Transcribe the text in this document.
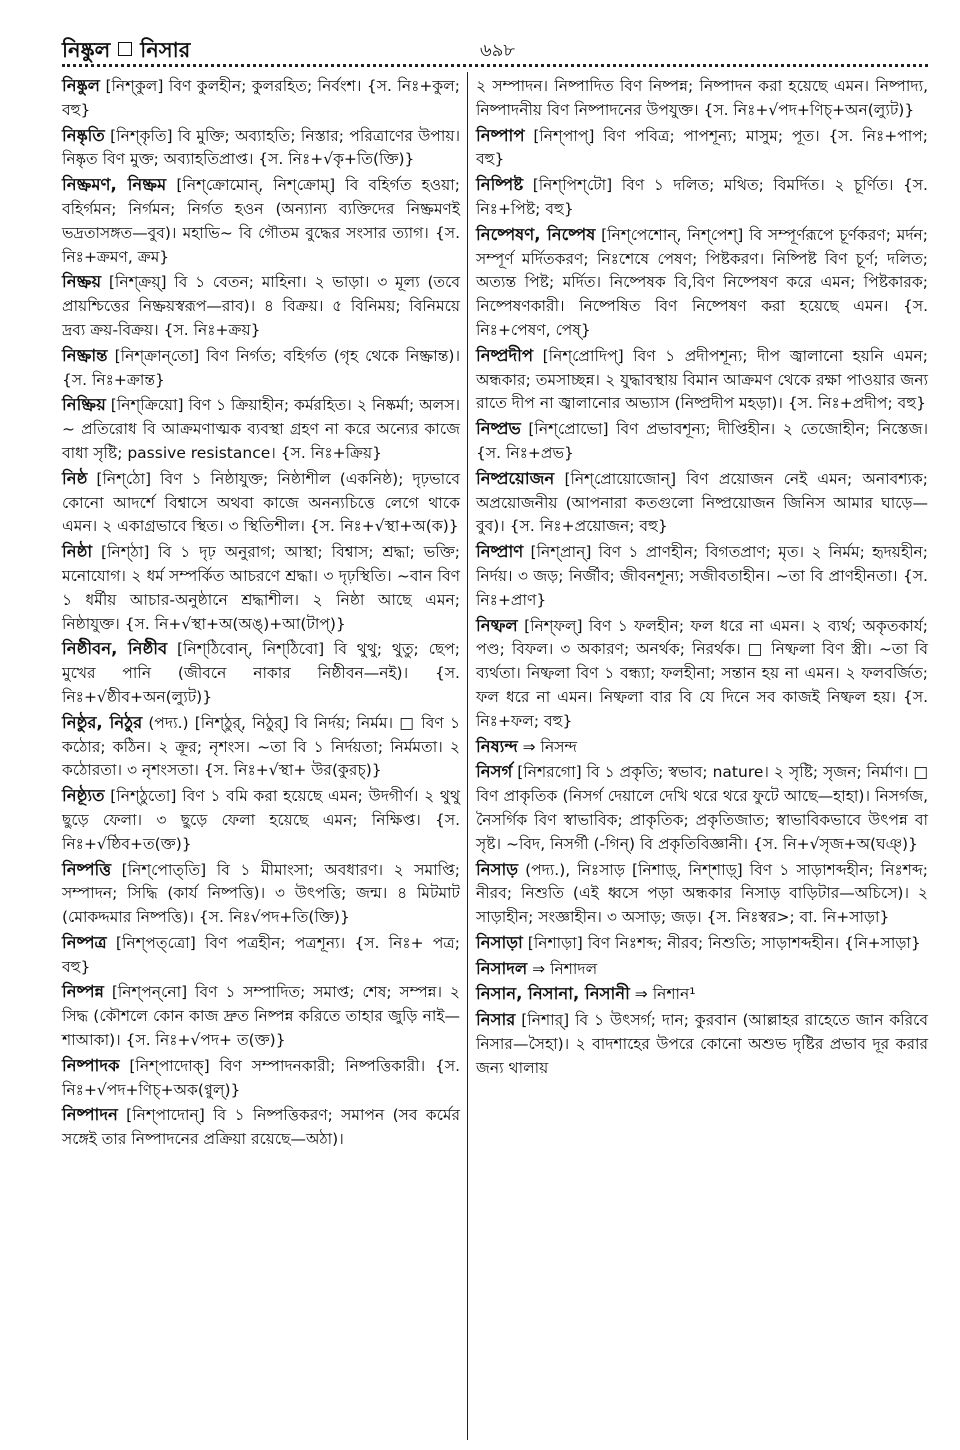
নিষ্কুল নিসার	৬৯৮
নিষ্কুল [নিশ্‌কুল] বিণ কুলহীন; কুলরহিত; নির্বংশ। {স. নিঃ+কুল; বহু}
নিষ্কৃতি [নিশ্‌কৃতি] বি মুক্তি; অব্যাহতি; নিস্তার; পরিত্রাণের উপায়। নিষ্কৃত বিণ মুক্ত; অব্যাহতিপ্রাপ্ত। {স. নিঃ+√কৃ+তি(ক্তি)}
নিষ্ক্রমণ, নিষ্ক্রম [নিশ্‌ক্রোমোন্, নিশ্‌ক্রোম্] বি বহির্গত হওয়া; বহির্গমন; নির্গমন; নির্গত হওন (অন্যান্য ব্যক্তিদের নিষ্ক্রমণই ভদ্রতাসঙ্গত—বুব)। মহাভি~ বি গৌতম বুদ্ধের সংসার ত্যাগ। {স. নিঃ+ক্রমণ, ক্রম}
নিষ্ক্রয় [নিশ্‌ক্রয়্] বি ১ বেতন; মাহিনা। ২ ভাড়া। ৩ মূল্য (তবে প্রায়শ্চিত্তের নিষ্ক্রয়স্বরূপ—রাব)। ৪ বিক্রয়। ৫ বিনিময়; বিনিময়ে দ্রব্য ক্রয়-বিক্রয়। {স. নিঃ+ক্রয়}
নিষ্ক্রান্ত [নিশ্‌ক্রান্‌তো] বিণ নির্গত; বহির্গত (গৃহ থেকে নিষ্ক্রান্ত)। {স. নিঃ+ক্রান্ত}
নিষ্ক্রিয় [নিশ্‌ক্রিয়ো] বিণ ১ ক্রিয়াহীন; কর্মরহিত। ২ নিষ্কর্মা; অলস। ~ প্রতিরোধ বি আক্রমণাত্মক ব্যবস্থা গ্রহণ না করে অন্যের কাজে বাধা সৃষ্টি; passive resistance। {স. নিঃ+ক্রিয়}
নিষ্ঠ [নিশ্‌ঠো] বিণ ১ নিষ্ঠাযুক্ত; নিষ্ঠাশীল (একনিষ্ঠ); দৃঢ়ভাবে কোনো আদর্শে বিশ্বাসে অথবা কাজে অনন্যচিত্তে লেগে থাকে এমন। ২ একাগ্রভাবে স্থিত। ৩ স্থিতিশীল। {স. নিঃ+√স্থা+অ(ক)}
নিষ্ঠা [নিশ্‌ঠা] বি ১ দৃঢ় অনুরাগ; আস্থা; বিশ্বাস; শ্রদ্ধা; ভক্তি; মনোযোগ। ২ ধর্ম সম্পর্কিত আচরণে শ্রদ্ধা। ৩ দৃঢ়স্থিতি। ~বান বিণ ১ ধর্মীয় আচার-অনুষ্ঠানে শ্রদ্ধাশীল। ২ নিষ্ঠা আছে এমন; নিষ্ঠাযুক্ত। {স. নি+√স্থা+অ(অঙ্)+আ(টাপ্)}
নিষ্ঠীবন, নিষ্ঠীব [নিশ্‌ঠিবোন্, নিশ্‌ঠিবো] বি থুথু; থুতু; ছেপ; মুখের পানি (জীবনে নাকার নিষ্ঠীবন—নই)। {স. নিঃ+√ষ্ঠীব+অন(ল্যুট)}
নিষ্ঠুর, নিঠুর (পদ্য.) [নিশ্‌ঠুর্, নিঠুর্] বি নির্দয়; নির্মম। □ বিণ ১ কঠোর; কঠিন। ২ ক্রূর; নৃশংস। ~তা বি ১ নির্দয়তা; নির্মমতা। ২ কঠোরতা। ৩ নৃশংসতা। {স. নিঃ+√স্থা+ উর(কুরচ্)}
নিষ্ঠ্যূত [নিশ্‌ঠুতো] বিণ ১ বমি করা হয়েছে এমন; উদগীর্ণ। ২ থুথু ছুড়ে ফেলা। ৩ ছুড়ে ফেলা হয়েছে এমন; নিক্ষিপ্ত। {স. নিঃ+√ষ্ঠিব+ত(ক্ত)}
নিষ্পত্তি [নিশ্‌পোত্‌তি] বি ১ মীমাংসা; অবধারণ। ২ সমাপ্তি; সম্পাদন; সিদ্ধি (কার্য নিষ্পত্তি)। ৩ উৎপত্তি; জন্ম। ৪ মিটমাট (মোকদ্দমার নিষ্পত্তি)। {স. নিঃ√পদ+তি(ক্তি)}
নিষ্পত্র [নিশ্‌পত্‌ত্রো] বিণ পত্রহীন; পত্রশূন্য। {স. নিঃ+ পত্র; বহু}
নিষ্পন্ন [নিশ্‌পন্‌নো] বিণ ১ সম্পাদিত; সমাপ্ত; শেষ; সম্পন্ন। ২ সিদ্ধ (কৌশলে কোন কাজ দ্রুত নিষ্পন্ন করিতে তাহার জুড়ি নাই—শাআকা)। {স. নিঃ+√পদ+ ত(ক্ত)}
নিষ্পাদক [নিশ্‌পাদোক্] বিণ সম্পাদনকারী; নিষ্পত্তিকারী। {স. নিঃ+√পদ+ণিচ্+অক(ণ্বুল্)}
নিষ্পাদন [নিশ্‌পাদোন্] বি ১ নিষ্পত্তিকরণ; সমাপন (সব কর্মের সঙ্গেই তার নিষ্পাদনের প্রক্রিয়া রয়েছে—অঠা)।
২ সম্পাদন। নিষ্পাদিত বিণ নিষ্পন্ন; নিষ্পাদন করা হয়েছে এমন। নিষ্পাদ্য, নিষ্পাদনীয় বিণ নিষ্পাদনের উপযুক্ত। {স. নিঃ+√পদ+ণিচ্+অন(ল্যুট)}
নিষ্পাপ [নিশ্‌পাপ্] বিণ পবিত্র; পাপশূন্য; মাসুম; পূত। {স. নিঃ+পাপ; বহু}
নিষ্পিষ্ট [নিশ্‌পিশ্‌টো] বিণ ১ দলিত; মথিত; বিমর্দিত। ২ চূর্ণিত। {স. নিঃ+পিষ্ট; বহু}
নিষ্পেষণ, নিষ্পেষ [নিশ্‌পেশোন্, নিশ্‌পেশ্] বি সম্পূর্ণরূপে চূর্ণকরণ; মর্দন; সম্পূর্ণ মর্দিতকরণ; নিঃশেষে পেষণ; পিষ্টকরণ। নিষ্পিষ্ট বিণ চূর্ণ; দলিত; অত্যন্ত পিষ্ট; মর্দিত। নিষ্পেষক বি,বিণ নিষ্পেষণ করে এমন; পিষ্টকারক; নিষ্পেষণকারী। নিষ্পেষিত বিণ নিষ্পেষণ করা হয়েছে এমন। {স. নিঃ+পেষণ, পেষ্}
নিষ্প্রদীপ [নিশ্‌প্রোদিপ্] বিণ ১ প্রদীপশূন্য; দীপ জ্বালানো হয়নি এমন; অন্ধকার; তমসাচ্ছন্ন। ২ যুদ্ধাবস্থায় বিমান আক্রমণ থেকে রক্ষা পাওয়ার জন্য রাতে দীপ না জ্বালানোর অভ্যাস (নিষ্প্রদীপ মহড়া)। {স. নিঃ+প্রদীপ; বহু}
নিষ্প্রভ [নিশ্‌প্রোভো] বিণ প্রভাবশূন্য; দীপ্তিহীন। ২ তেজোহীন; নিস্তেজ। {স. নিঃ+প্রভ}
নিষ্প্রয়োজন [নিশ্‌প্রোয়োজোন্] বিণ প্রয়োজন নেই এমন; অনাবশ্যক; অপ্রয়োজনীয় (আপনারা কতগুলো নিষ্প্রয়োজন জিনিস আমার ঘাড়ে—বুব)। {স. নিঃ+প্রয়োজন; বহু}
নিষ্প্রাণ [নিশ্‌প্রান্] বিণ ১ প্রাণহীন; বিগতপ্রাণ; মৃত। ২ নির্মম; হৃদয়হীন; নির্দয়। ৩ জড়; নির্জীব; জীবনশূন্য; সজীবতাহীন। ~তা বি প্রাণহীনতা। {স. নিঃ+প্রাণ}
নিষ্ফল [নিশ্‌ফল্] বিণ ১ ফলহীন; ফল ধরে না এমন। ২ ব্যর্থ; অকৃতকার্য; পণ্ড; বিফল। ৩ অকারণ; অনর্থক; নিরর্থক। □ নিষ্ফলা বিণ স্ত্রী। ~তা বি ব্যর্থতা। নিষ্ফলা বিণ ১ বন্ধ্যা; ফলহীনা; সন্তান হয় না এমন। ২ ফলবর্জিত; ফল ধরে না এমন। নিষ্ফলা বার বি যে দিনে সব কাজই নিষ্ফল হয়। {স. নিঃ+ফল; বহু}
নিষ্যন্দ ⇒ নিসন্দ
নিসর্গ [নিশরগো] বি ১ প্রকৃতি; স্বভাব; nature। ২ সৃষ্টি; সৃজন; নির্মাণ। □ বিণ প্রাকৃতিক (নিসর্গ দেয়ালে দেখি থরে থরে ফুটে আছে—হাহা)। নিসর্গজ, নৈসর্গিক বিণ স্বাভাবিক; প্রাকৃতিক; প্রকৃতিজাত; স্বাভাবিকভাবে উৎপন্ন বা সৃষ্ট। ~বিদ, নিসর্গী (-গিন্) বি প্রকৃতিবিজ্ঞানী। {স. নি+√সৃজ+অ(ঘঞ্)}
নিসাড় (পদ্য.), নিঃসাড় [নিশাড়্, নিশ্‌শাড়্] বিণ ১ সাড়াশব্দহীন; নিঃশব্দ; নীরব; নিশুতি (এই ধ্বসে পড়া অন্ধকার নিসাড় বাড়িটার—অচিসে)। ২ সাড়াহীন; সংজ্ঞাহীন। ৩ অসাড়; জড়। {স. নিঃস্বর>; বা. নি+সাড়া}
নিসাড়া [নিশাড়া] বিণ নিঃশব্দ; নীরব; নিশুতি; সাড়াশব্দহীন। {নি+সাড়া}
নিসাদল ⇒ নিশাদল
নিসান, নিসানা, নিসানী ⇒ নিশান¹
নিসার [নিশার্] বি ১ উৎসর্গ; দান; কুরবান (আল্লাহর রাহেতে জান করিবে নিসার—সৈহা)। ২ বাদশাহের উপরে কোনো অশুভ দৃষ্টির প্রভাব দূর করার জন্য থালায়
